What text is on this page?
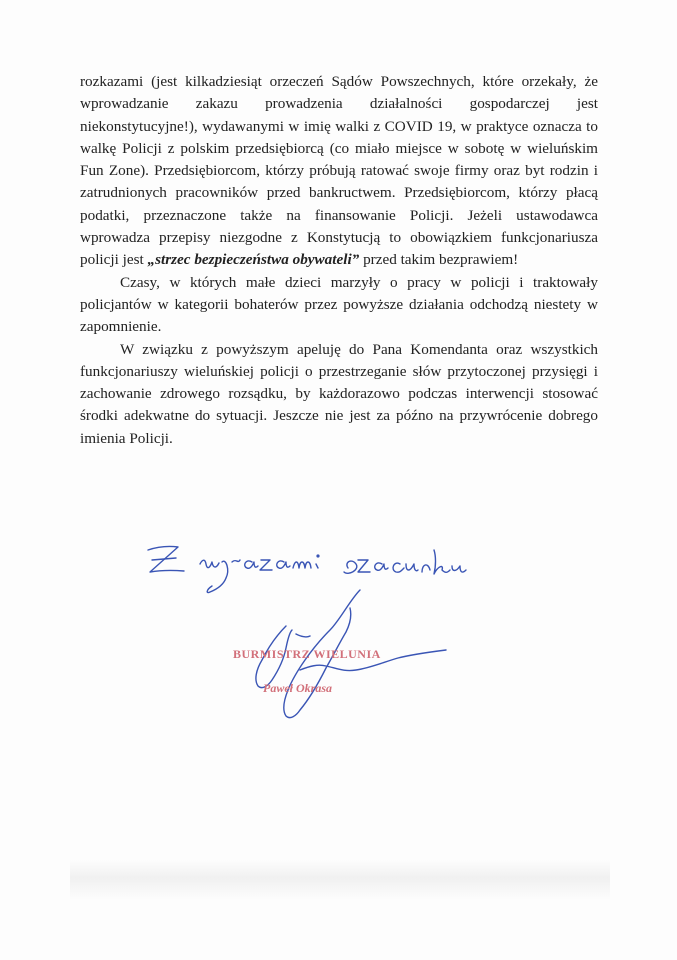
rozkazami (jest kilkadziesiąt orzeczeń Sądów Powszechnych, które orzekały, że wprowadzanie zakazu prowadzenia działalności gospodarczej jest niekonstytucyjne!), wydawanymi w imię walki z COVID 19, w praktyce oznacza to walkę Policji z polskim przedsiębiorcą (co miało miejsce w sobotę w wieluńskim Fun Zone). Przedsiębiorcom, którzy próbują ratować swoje firmy oraz byt rodzin i zatrudnionych pracowników przed bankructwem. Przedsiębiorcom, którzy płacą podatki, przeznaczone także na finansowanie Policji. Jeżeli ustawodawca wprowadza przepisy niezgodne z Konstytucją to obowiązkiem funkcjonariusza policji jest „strzec bezpieczeństwa obywateli” przed takim bezprawiem!

Czasy, w których małe dzieci marzyły o pracy w policji i traktowały policjantów w kategorii bohaterów przez powyższe działania odchodzą niestety w zapomnienie.

W związku z powyższym apeluję do Pana Komendanta oraz wszystkich funkcjonariuszy wieluńskiej policji o przestrzeganie słów przytoczonej przysięgi i zachowanie zdrowego rozsądku, by każdorazowo podczas interwencji stosować środki adekwatne do sytuacji. Jeszcze nie jest za późno na przywrócenie dobrego imienia Policji.

BURMISTRZ WIELUNIA
Paweł Okrasa
